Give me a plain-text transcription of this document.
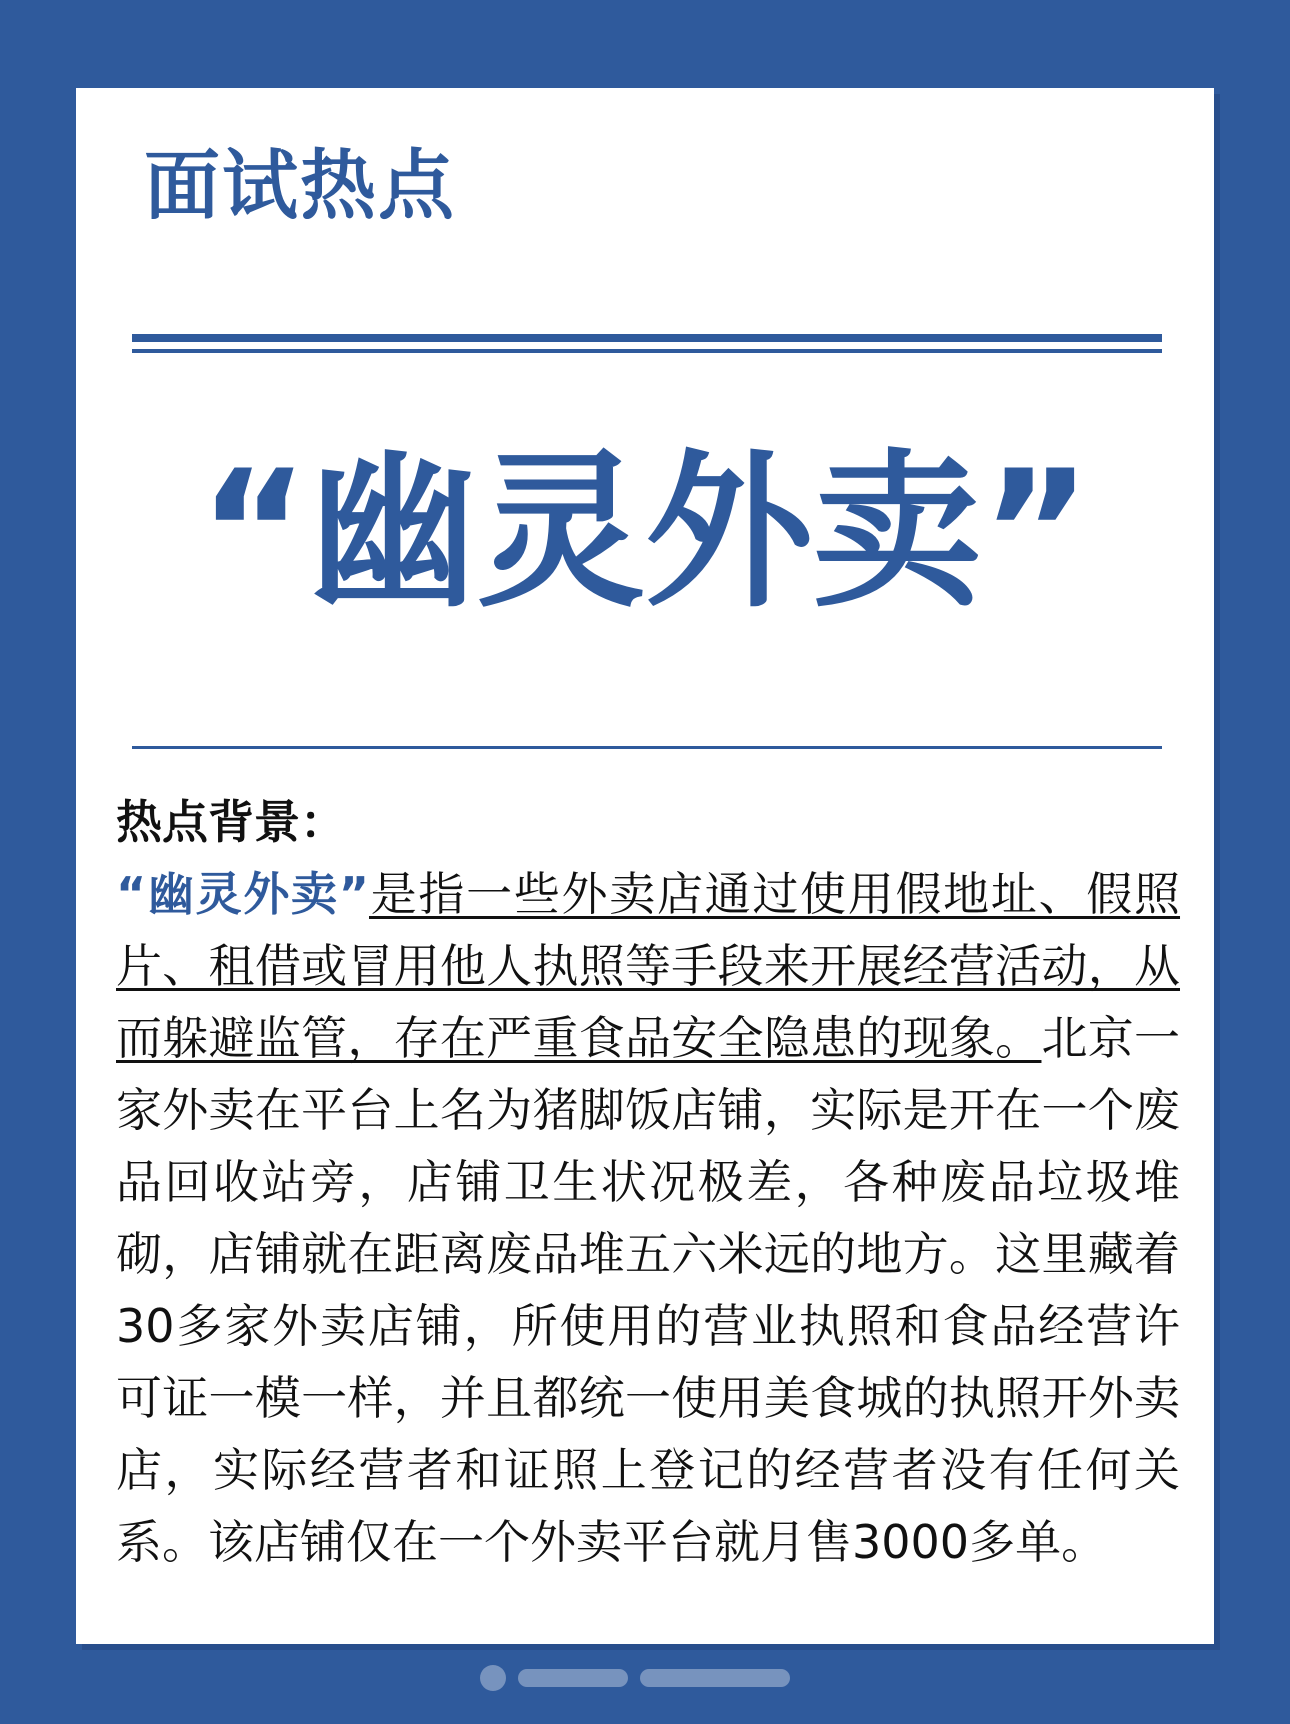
面试热点
“幽灵外卖”
热点背景：
“幽灵外卖”是指一些外卖店通过使用假地址、假照片、租借或冒用他人执照等手段来开展经营活动，从而躲避监管，存在严重食品安全隐患的现象。北京一家外卖在平台上名为猪脚饭店铺，实际是开在一个废品回收站旁，店铺卫生状况极差，各种废品垃圾堆砌，店铺就在距离废品堆五六米远的地方。这里藏着30多家外卖店铺，所使用的营业执照和食品经营许可证一模一样，并且都统一使用美食城的执照开外卖店，实际经营者和证照上登记的经营者没有任何关系。该店铺仅在一个外卖平台就月售3000多单。
